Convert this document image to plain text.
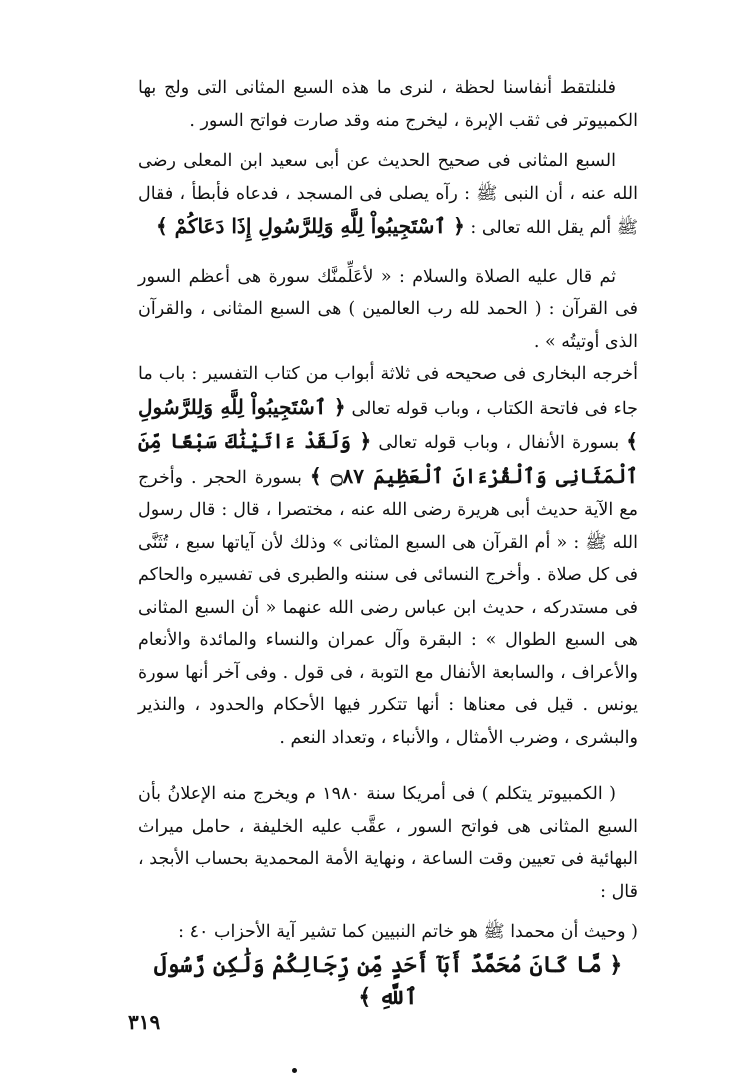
فلنلتقط أنفاسنا لحظة ، لنرى ما هذه السبع المثانى التى ولج بها الكمبيوتر فى ثقب الإبرة ، ليخرج منه وقد صارت فواتح السور .

السبع المثانى فى صحيح الحديث عن أبى سعيد ابن المعلى رضى الله عنه ، أن النبى ﷺ : رآه يصلى فى المسجد ، فدعاه فأبطأ ، فقال ﷺ ألم يقل الله تعالى : ﴿ ٱسْتَجِيبُواْ لِلَّهِ وَلِلرَّسُولِ إِذَا دَعَاكُمْ ﴾

ثم قال عليه الصلاة والسلام : « لأعَلِّمنَّك سورة هى أعظم السور فى القرآن : ( الحمد لله رب العالمين ) هى السبع المثانى ، والقرآن الذى أوتيتُه » .

أخرجه البخارى فى صحيحه فى ثلاثة أبواب من كتاب التفسير : باب ما جاء فى فاتحة الكتاب ، وباب قوله تعالى ﴿ ٱسْتَجِيبُواْ لِلَّهِ وَلِلرَّسُولِ ﴾ بسورة الأنفال ، وباب قوله تعالى ﴿ وَلَقَدْ ءَاتَيْنَٰكَ سَبْعًا مِّنَ ٱلْمَثَانِى وَٱلْقُرْءَانَ ٱلْعَظِيمَ ۝٨٧ ﴾ بسورة الحجر . وأخرج مع الآية حديث أبى هريرة رضى الله عنه ، مختصرا ، قال : قال رسول الله ﷺ : « أم القرآن هى السبع المثانى » وذلك لأن آياتها سبع ، تُثَنَّى فى كل صلاة . وأخرج النسائى فى سننه والطبرى فى تفسيره والحاكم فى مستدركه ، حديث ابن عباس رضى الله عنهما « أن السبع المثانى هى السبع الطوال » : البقرة وآل عمران والنساء والمائدة والأنعام والأعراف ، والسابعة الأنفال مع التوبة ، فى قول . وفى آخر أنها سورة يونس . قيل فى معناها : أنها تتكرر فيها الأحكام والحدود ، والنذير والبشرى ، وضرب الأمثال ، والأنباء ، وتعداد النعم .

( الكمبيوتر يتكلم ) فى أمريكا سنة ١٩٨٠ م ويخرج منه الإعلانُ بأن السبع المثانى هى فواتح السور ، عقَّب عليه الخليفة ، حامل ميراث البهائية فى تعيين وقت الساعة ، ونهاية الأمة المحمدية بحساب الأبجد ، قال :

( وحيث أن محمدا ﷺ هو خاتم النبيين كما تشير آية الأحزاب ٤٠ :

﴿ مَّا كَانَ مُحَمَّدٌ أَبَآ أَحَدٍ مِّن رِّجَالِكُمْ وَلَٰكِن رَّسُولَ ٱللَّهِ ﴾

٣١٩
